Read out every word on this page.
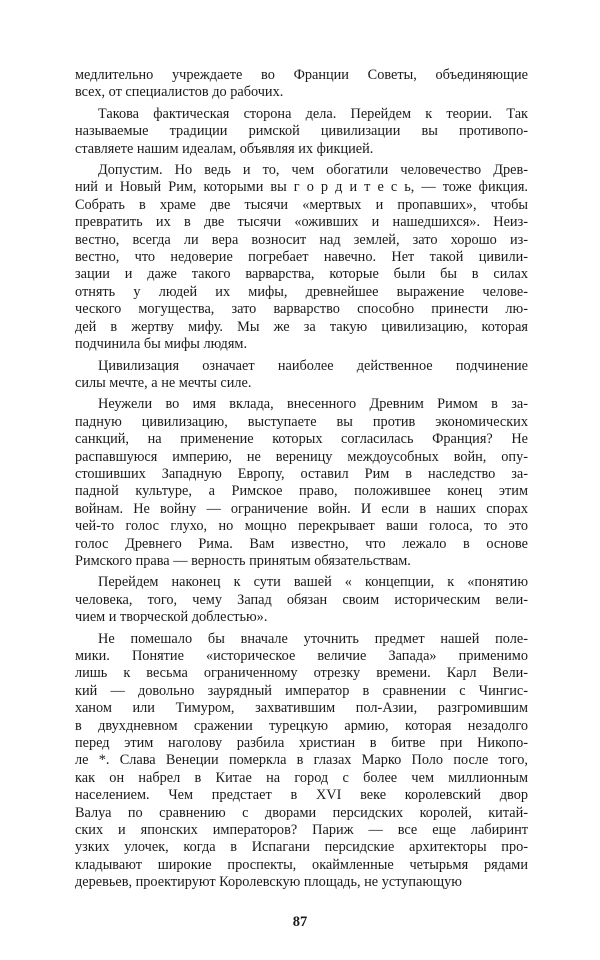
медлительно учреждаете во Франции Советы, объединяющие
всех, от специалистов до рабочих.
Такова фактическая сторона дела. Перейдем к теории. Так
называемые традиции римской цивилизации вы противопо-
ставляете нашим идеалам, объявляя их фикцией.
Допустим. Но ведь и то, чем обогатили человечество Древ-
ний и Новый Рим, которыми вы г о р д и т е с ь, — тоже фикция.
Собрать в храме две тысячи «мертвых и пропавших», чтобы
превратить их в две тысячи «оживших и нашедшихся». Неиз-
вестно, всегда ли вера возносит над землей, зато хорошо из-
вестно, что недоверие погребает навечно. Нет такой цивили-
зации и даже такого варварства, которые были бы в силах
отнять у людей их мифы, древнейшее выражение челове-
ческого могущества, зато варварство способно принести лю-
дей в жертву мифу. Мы же за такую цивилизацию, которая
подчинила бы мифы людям.
Цивилизация означает наиболее действенное подчинение
силы мечте, а не мечты силе.
Неужели во имя вклада, внесенного Древним Римом в за-
падную цивилизацию, выступаете вы против экономических
санкций, на применение которых согласилась Франция? Не
распавшуюся империю, не вереницу междоусобных войн, опу-
стошивших Западную Европу, оставил Рим в наследство за-
падной культуре, а Римское право, положившее конец этим
войнам. Не войну — ограничение войн. И если в наших спорах
чей-то голос глухо, но мощно перекрывает ваши голоса, то это
голос Древнего Рима. Вам известно, что лежало в основе
Римского права — верность принятым обязательствам.
Перейдем наконец к сути вашей « концепции, к «понятию
человека, того, чему Запад обязан своим историческим вели-
чием и творческой доблестью».
Не помешало бы вначале уточнить предмет нашей поле-
мики. Понятие «историческое величие Запада» применимо
лишь к весьма ограниченному отрезку времени. Карл Вели-
кий — довольно заурядный император в сравнении с Чингис-
ханом или Тимуром, захватившим пол-Азии, разгромившим
в двухдневном сражении турецкую армию, которая незадолго
перед этим наголову разбила христиан в битве при Никопо-
ле *. Слава Венеции померкла в глазах Марко Поло после того,
как он набрел в Китае на город с более чем миллионным
населением. Чем предстает в XVI веке королевский двор
Валуа по сравнению с дворами персидских королей, китай-
ских и японских императоров? Париж — все еще лабиринт
узких улочек, когда в Испагани персидские архитекторы про-
кладывают широкие проспекты, окаймленные четырьмя рядами
деревьев, проектируют Королевскую площадь, не уступающую
87
